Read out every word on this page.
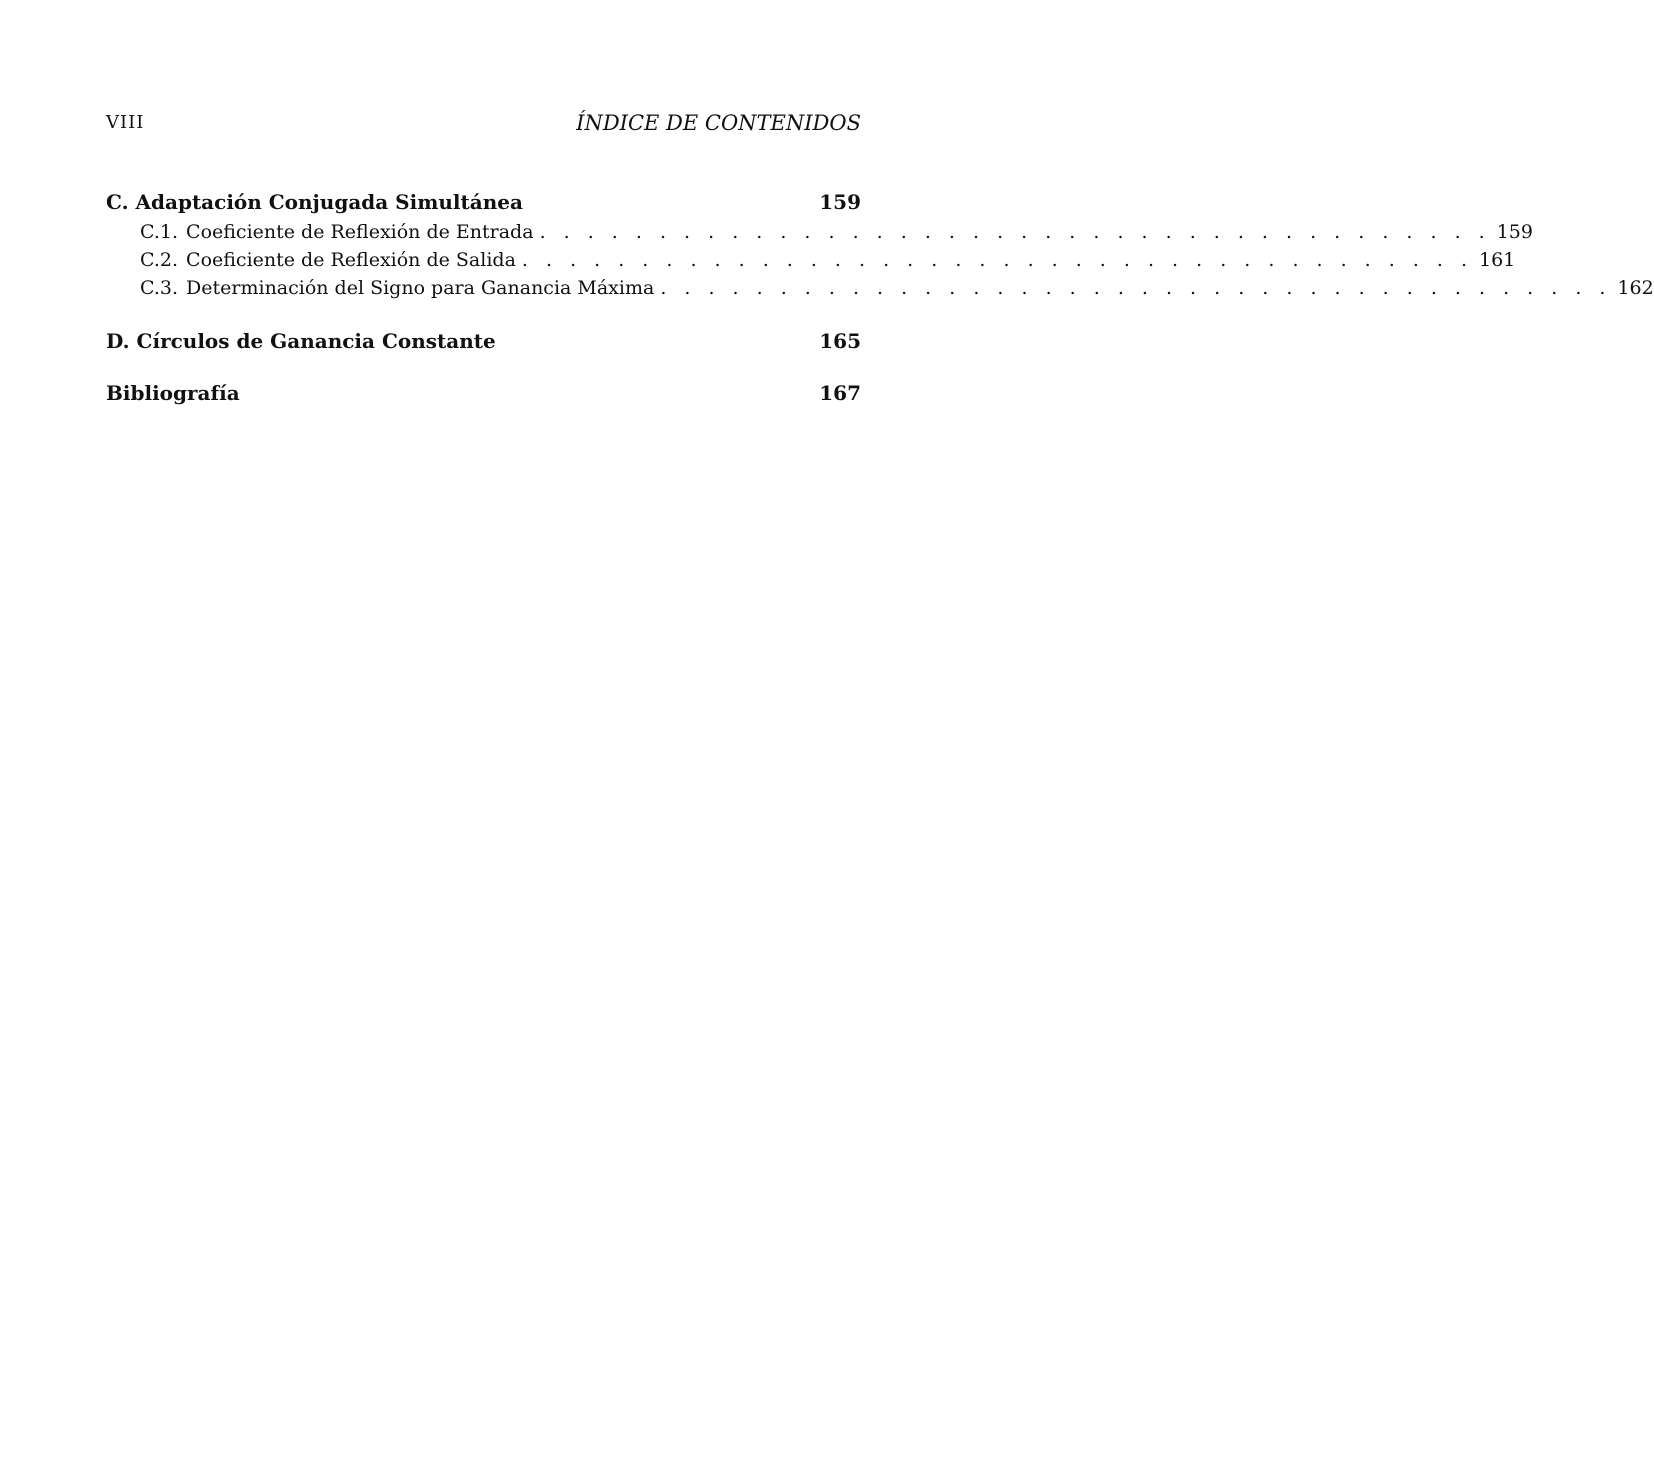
VIII	ÍNDICE DE CONTENIDOS
C. Adaptación Conjugada Simultánea	159
C.1. Coeficiente de Reflexión de Entrada . . . . . . . . . . . . . . . . . . . . . . . . . . . . . . . . . . . . . . . . 159
C.2. Coeficiente de Reflexión de Salida . . . . . . . . . . . . . . . . . . . . . . . . . . . . . . . . . . . . . . . . 161
C.3. Determinación del Signo para Ganancia Máxima . . . . . . . . . . . . . . . . . . . . . . . . . . . . . . . . . . . . . . . . 162
D. Círculos de Ganancia Constante	165
Bibliografía	167
